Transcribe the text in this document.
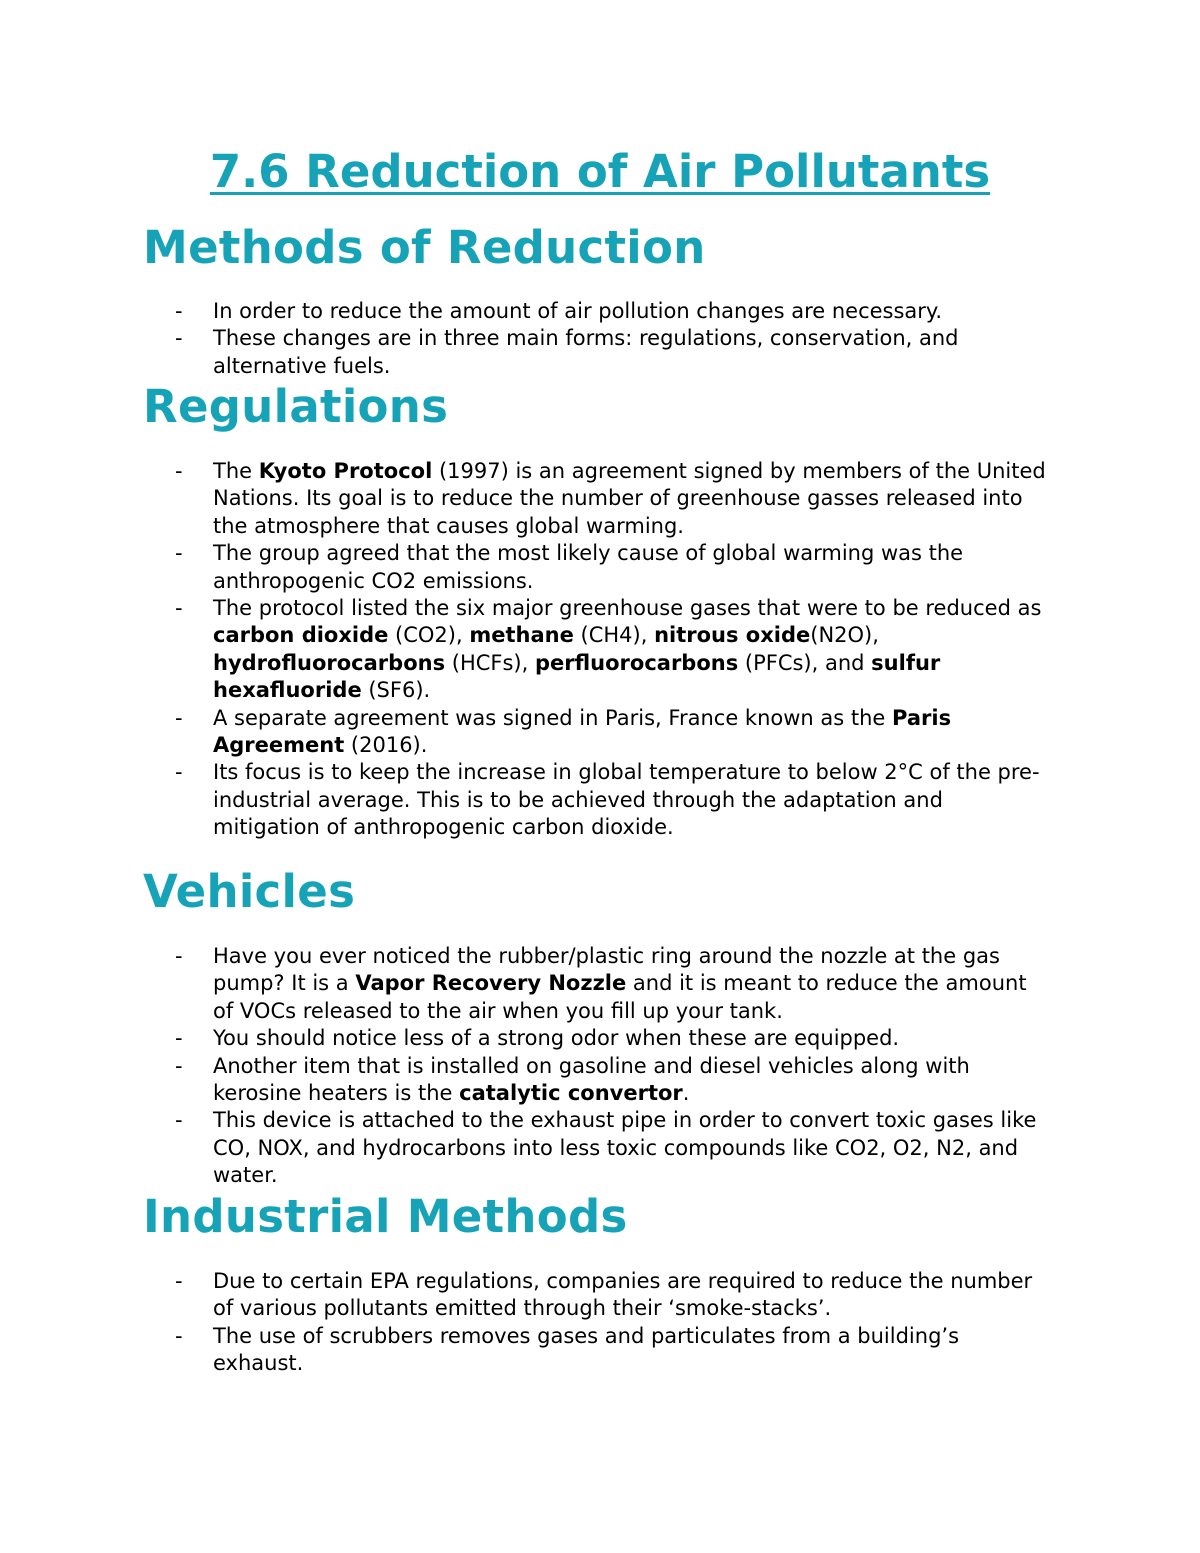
7.6 Reduction of Air Pollutants
Methods of Reduction
- In order to reduce the amount of air pollution changes are necessary.
- These changes are in three main forms: regulations, conservation, and alternative fuels.
Regulations
- The Kyoto Protocol (1997) is an agreement signed by members of the United Nations. Its goal is to reduce the number of greenhouse gasses released into the atmosphere that causes global warming.
- The group agreed that the most likely cause of global warming was the anthropogenic CO2 emissions.
- The protocol listed the six major greenhouse gases that were to be reduced as carbon dioxide (CO2), methane (CH4), nitrous oxide(N2O), hydrofluorocarbons (HCFs), perfluorocarbons (PFCs), and sulfur hexafluoride (SF6).
- A separate agreement was signed in Paris, France known as the Paris Agreement (2016).
- Its focus is to keep the increase in global temperature to below 2°C of the pre-industrial average. This is to be achieved through the adaptation and mitigation of anthropogenic carbon dioxide.
Vehicles
- Have you ever noticed the rubber/plastic ring around the nozzle at the gas pump? It is a Vapor Recovery Nozzle and it is meant to reduce the amount of VOCs released to the air when you fill up your tank.
- You should notice less of a strong odor when these are equipped.
- Another item that is installed on gasoline and diesel vehicles along with kerosine heaters is the catalytic convertor.
- This device is attached to the exhaust pipe in order to convert toxic gases like CO, NOX, and hydrocarbons into less toxic compounds like CO2, O2, N2, and water.
Industrial Methods
- Due to certain EPA regulations, companies are required to reduce the number of various pollutants emitted through their ‘smoke-stacks’.
- The use of scrubbers removes gases and particulates from a building’s exhaust.
